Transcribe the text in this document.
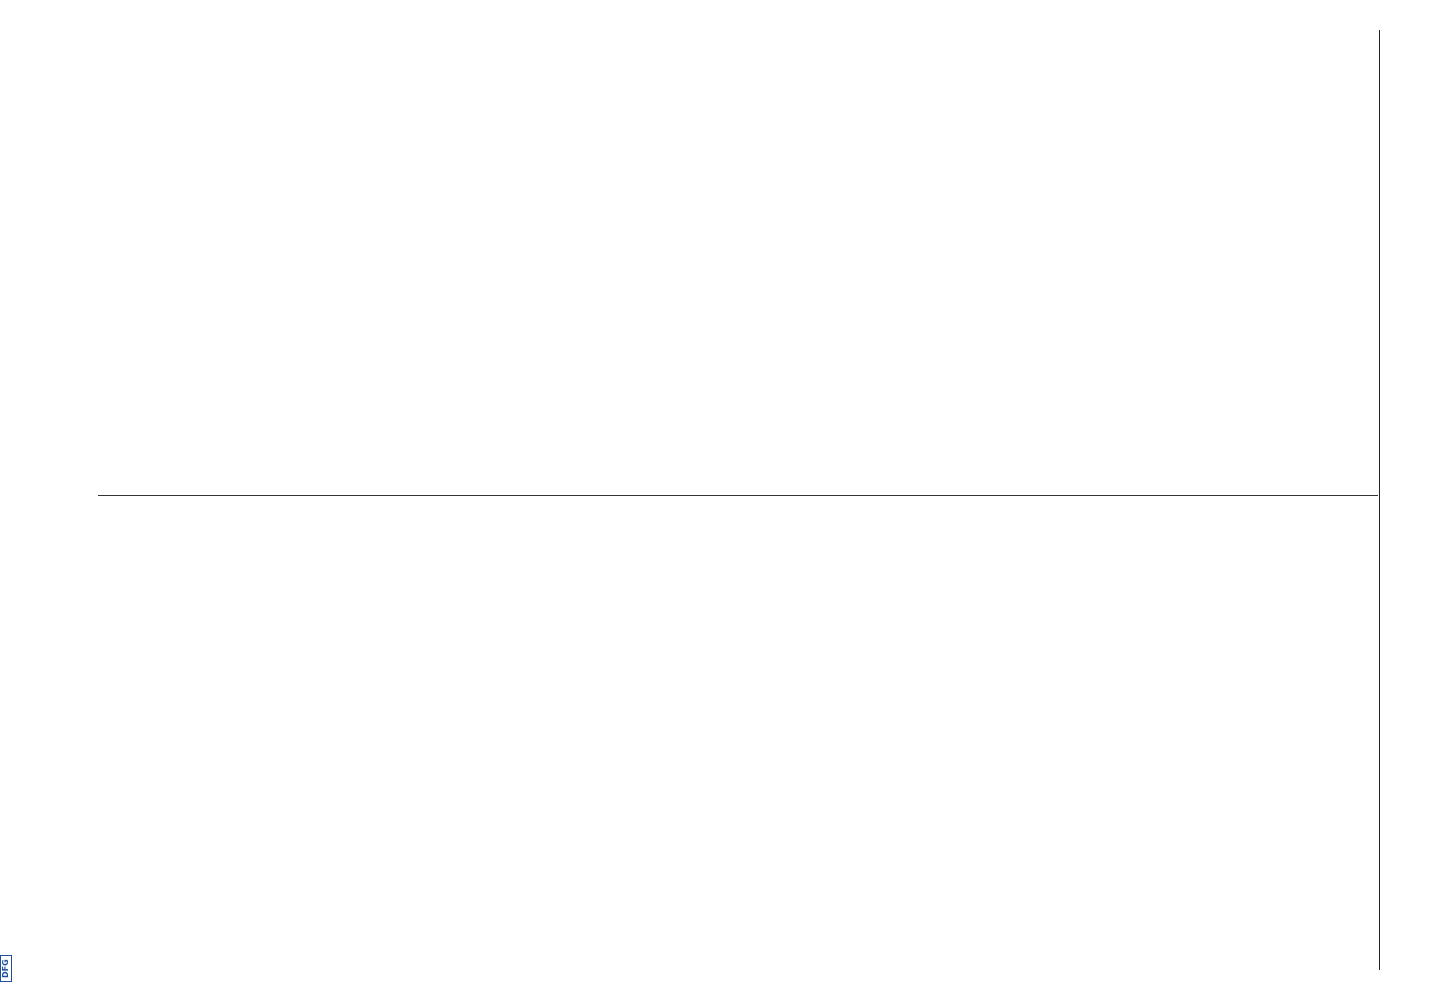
DFG
